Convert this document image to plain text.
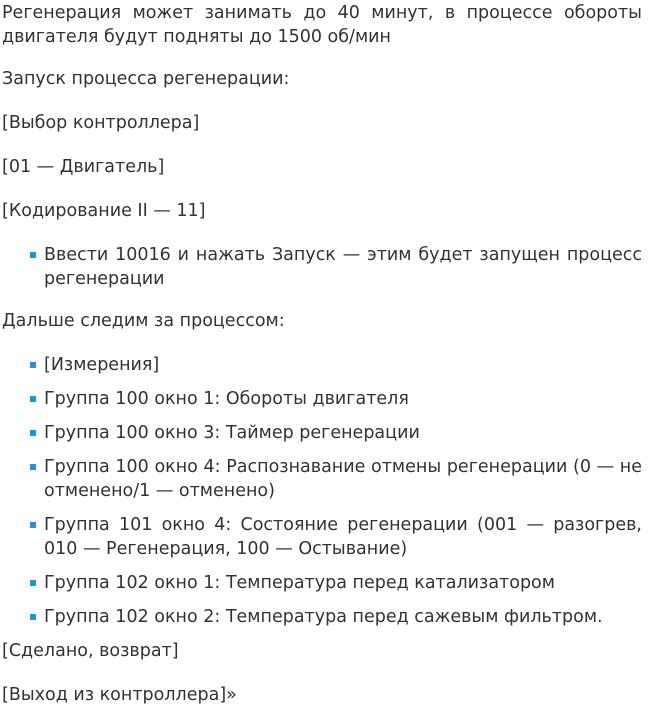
Регенерация может занимать до 40 минут, в процессе обороты двигателя будут подняты до 1500 об/мин

Запуск процесса регенерации:

[Выбор контроллера]

[01 — Двигатель]

[Кодирование II — 11]

Ввести 10016 и нажать Запуск — этим будет запущен процесс регенерации

Дальше следим за процессом:

[Измерения]
Группа 100 окно 1: Обороты двигателя
Группа 100 окно 3: Таймер регенерации
Группа 100 окно 4: Распознавание отмены регенерации (0 — не отменено/1 — отменено)
Группа 101 окно 4: Состояние регенерации (001 — разогрев, 010 — Регенерация, 100 — Остывание)
Группа 102 окно 1: Температура перед катализатором
Группа 102 окно 2: Температура перед сажевым фильтром.

[Сделано, возврат]

[Выход из контроллера]»
